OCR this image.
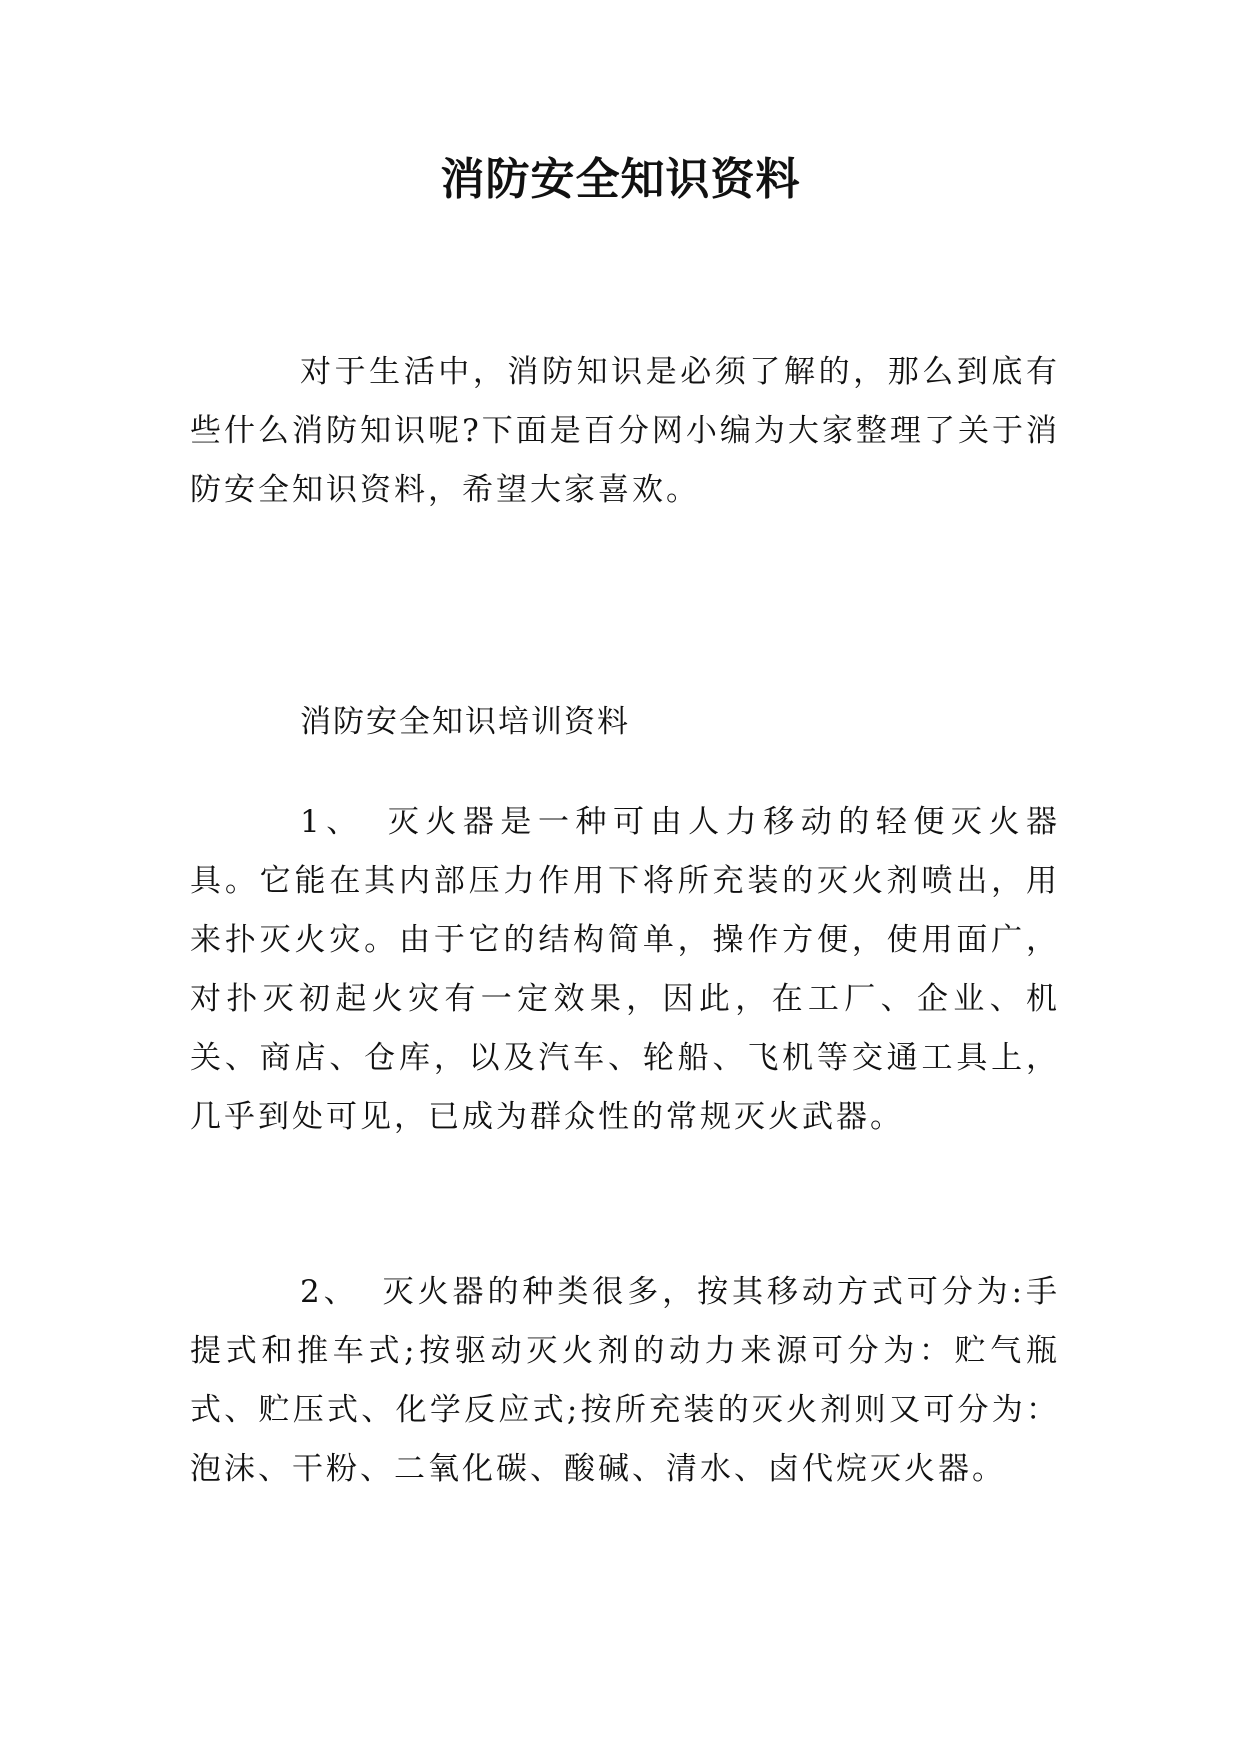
消防安全知识资料

对于生活中，消防知识是必须了解的，那么到底有些什么消防知识呢?下面是百分网小编为大家整理了关于消防安全知识资料，希望大家喜欢。

消防安全知识培训资料

1、 灭火器是一种可由人力移动的轻便灭火器具。它能在其内部压力作用下将所充装的灭火剂喷出，用来扑灭火灾。由于它的结构简单，操作方便，使用面广，对扑灭初起火灾有一定效果，因此，在工厂、企业、机关、商店、仓库，以及汽车、轮船、飞机等交通工具上，几乎到处可见，已成为群众性的常规灭火武器。

2、 灭火器的种类很多，按其移动方式可分为:手提式和推车式;按驱动灭火剂的动力来源可分为：贮气瓶式、贮压式、化学反应式;按所充装的灭火剂则又可分为：泡沫、干粉、二氧化碳、酸碱、清水、卤代烷灭火器。
